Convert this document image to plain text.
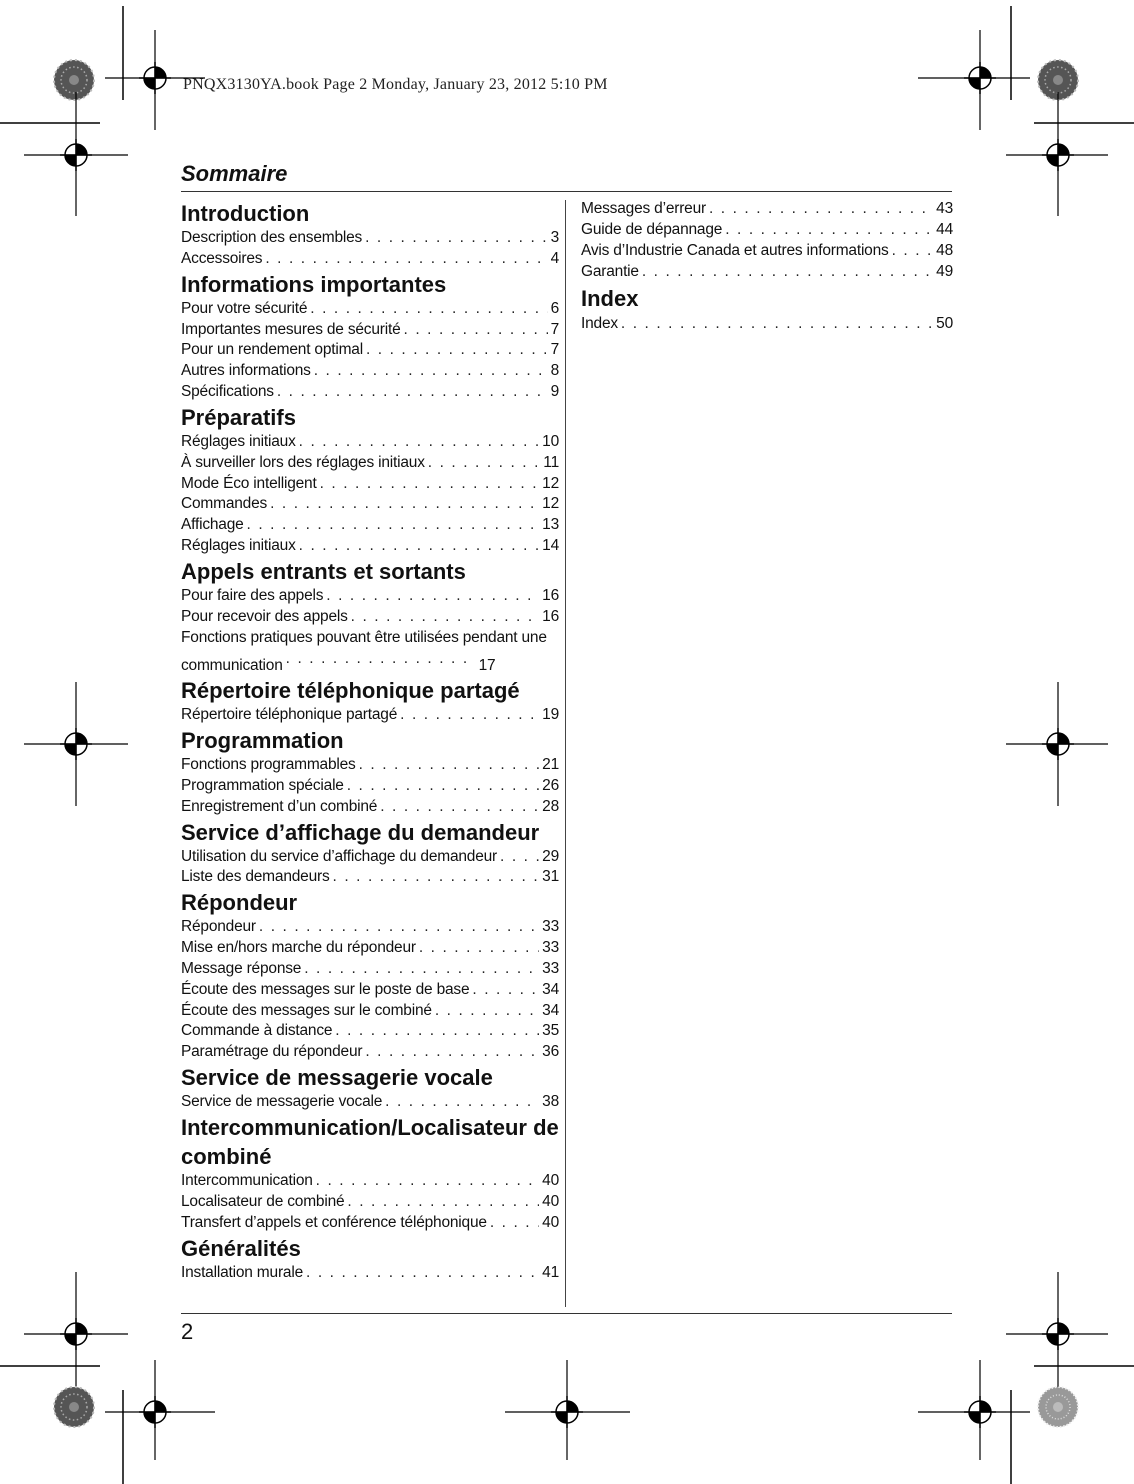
PNQX3130YA.book Page 2 Monday, January 23, 2012 5:10 PM
Sommaire
Introduction
Description des ensembles . . .	3
Accessoires . . .	4
Informations importantes
Pour votre sécurité . . .	6
Importantes mesures de sécurité . . .	7
Pour un rendement optimal . . .	7
Autres informations . . .	8
Spécifications . . .	9
Préparatifs
Réglages initiaux . . .	10
À surveiller lors des réglages initiaux . . .	11
Mode Éco intelligent . . .	12
Commandes . . .	12
Affichage . . .	13
Réglages initiaux . . .	14
Appels entrants et sortants
Pour faire des appels . . .	16
Pour recevoir des appels . . .	16
Fonctions pratiques pouvant être utilisées pendant une communication . . .	17
Répertoire téléphonique partagé
Répertoire téléphonique partagé . . .	19
Programmation
Fonctions programmables . . .	21
Programmation spéciale . . .	26
Enregistrement d’un combiné . . .	28
Service d’affichage du demandeur
Utilisation du service d’affichage du demandeur . . .	29
Liste des demandeurs . . .	31
Répondeur
Répondeur . . .	33
Mise en/hors marche du répondeur . . .	33
Message réponse . . .	33
Écoute des messages sur le poste de base . . .	34
Écoute des messages sur le combiné . . .	34
Commande à distance . . .	35
Paramétrage du répondeur . . .	36
Service de messagerie vocale
Service de messagerie vocale . . .	38
Intercommunication/Localisateur de combiné
Intercommunication . . .	40
Localisateur de combiné . . .	40
Transfert d’appels et conférence téléphonique . . .	40
Généralités
Installation murale . . .	41
Messages d’erreur . . .	43
Guide de dépannage . . .	44
Avis d’Industrie Canada et autres informations . . .	48
Garantie . . .	49
Index
Index . . .	50
2
